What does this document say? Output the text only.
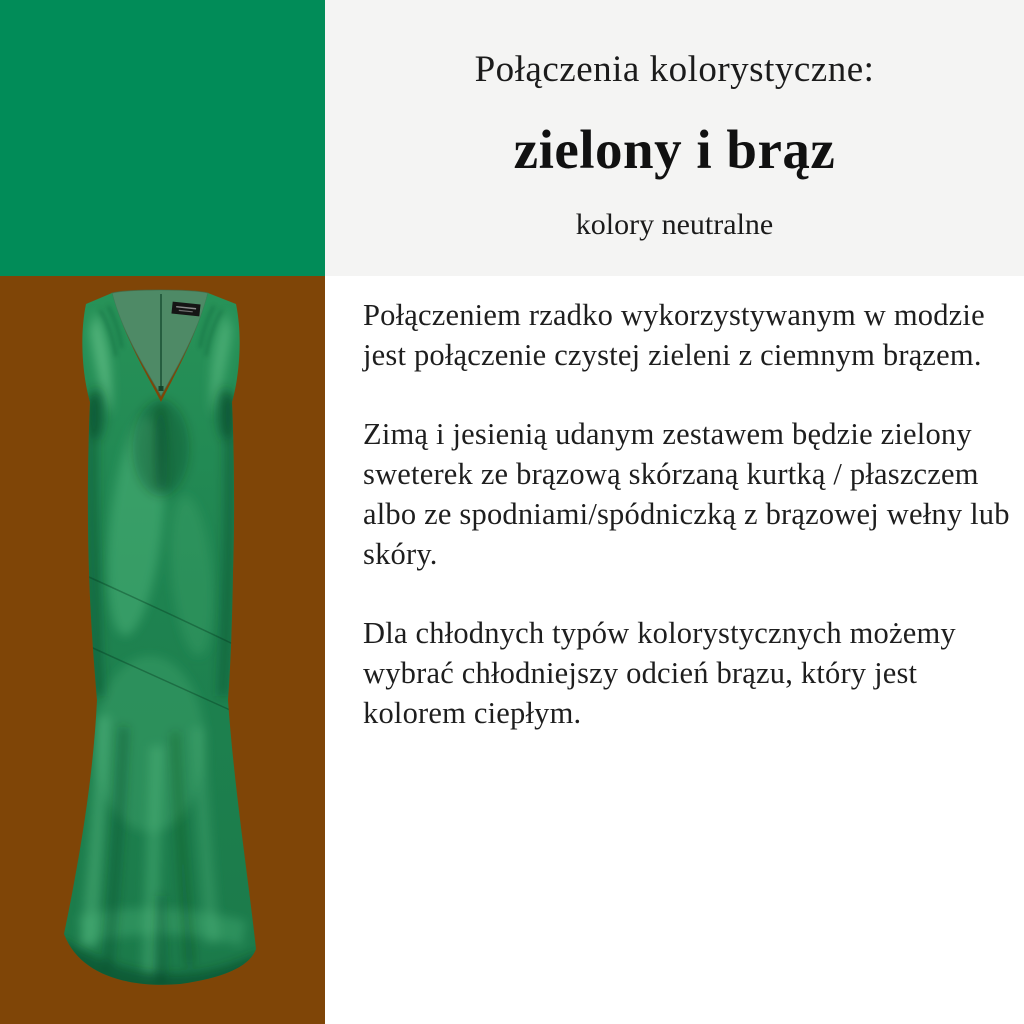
Połączenia kolorystyczne:
zielony i brąz
kolory neutralne

Połączeniem rzadko wykorzystywanym w modzie jest połączenie czystej zieleni z ciemnym brązem.

Zimą i jesienią udanym zestawem będzie zielony sweterek ze brązową skórzaną kurtką / płaszczem albo ze spodniami/spódniczką z brązowej wełny lub skóry.

Dla chłodnych typów kolorystycznych możemy wybrać chłodniejszy odcień brązu, który jest kolorem ciepłym.
